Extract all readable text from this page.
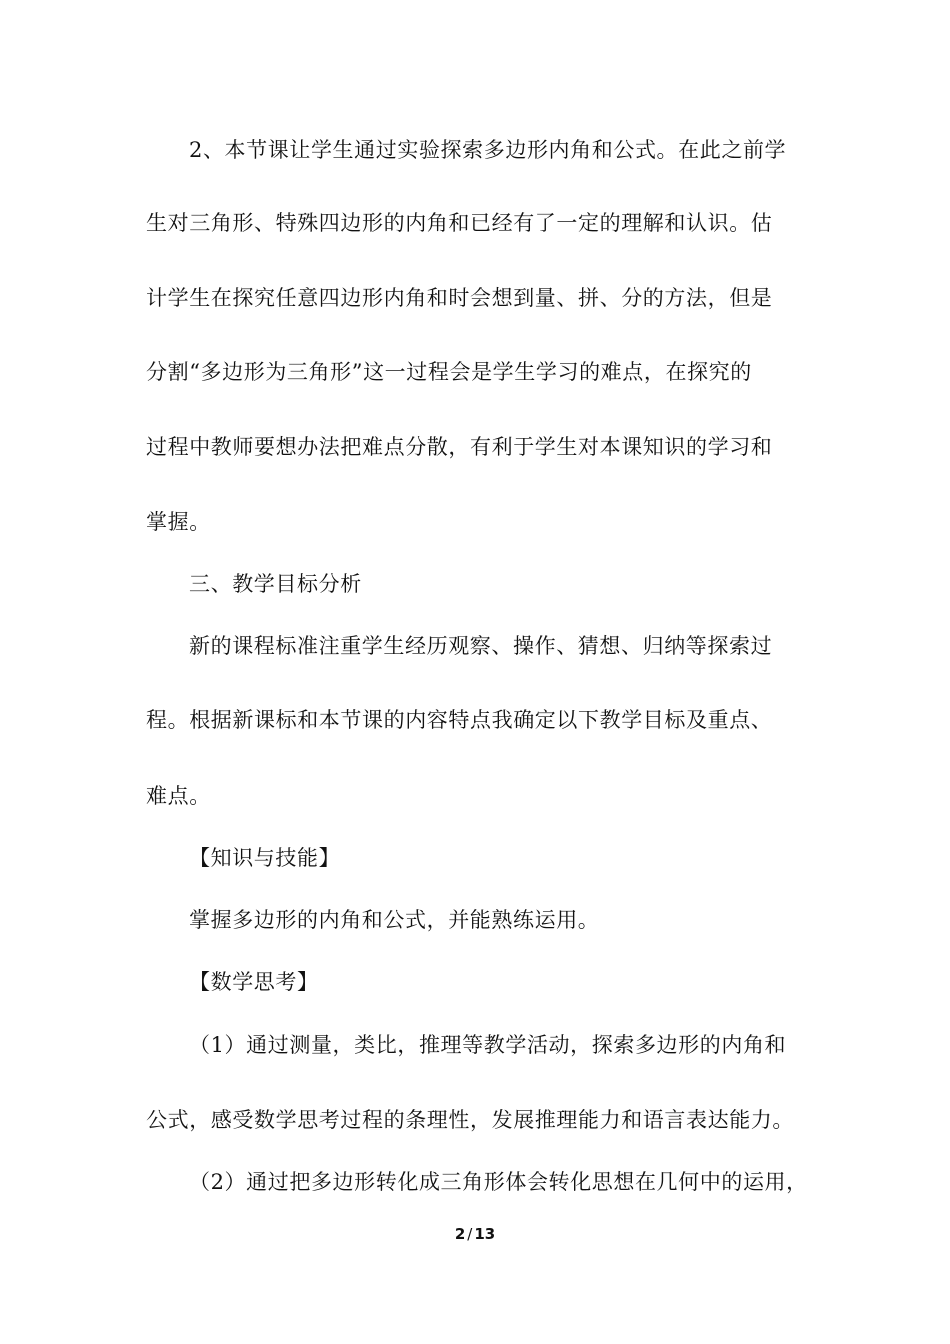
2、本节课让学生通过实验探索多边形内角和公式。在此之前学
生对三角形、特殊四边形的内角和已经有了一定的理解和认识。估
计学生在探究任意四边形内角和时会想到量、拼、分的方法，但是
分割“多边形为三角形”这一过程会是学生学习的难点，在探究的
过程中教师要想办法把难点分散，有利于学生对本课知识的学习和
掌握。
三、教学目标分析
新的课程标准注重学生经历观察、操作、猜想、归纳等探索过
程。根据新课标和本节课的内容特点我确定以下教学目标及重点、
难点。
【知识与技能】
掌握多边形的内角和公式，并能熟练运用。
【数学思考】
（1）通过测量，类比，推理等教学活动，探索多边形的内角和
公式，感受数学思考过程的条理性，发展推理能力和语言表达能力。
（2）通过把多边形转化成三角形体会转化思想在几何中的运用，
2 / 13
